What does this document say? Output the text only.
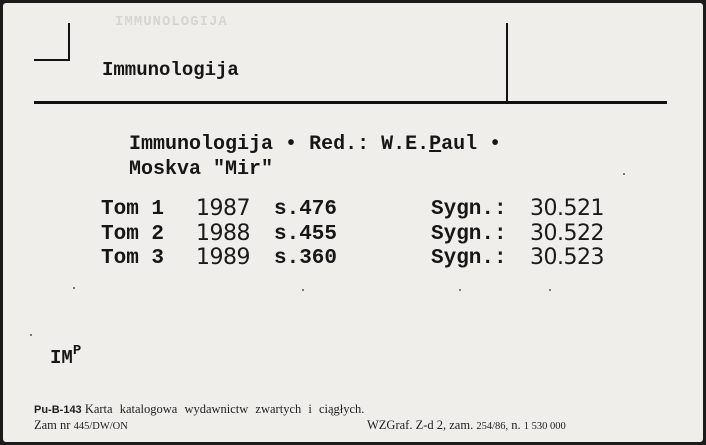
IMMUNOLOGIJA
Immunologija
Immunologija • Red.: W.E.Paul •
Moskva "Mir"
Tom 1 1987 s.476	Sygn.: 30.521
Tom 2 1988 s.455	Sygn.: 30.522
Tom 3 1989 s.360	Sygn.: 30.523
$IM^P$
Pu-B-143 Karta katalogowa wydawnictw zwartych i ciągłych.
Zam nr 445/DW/ON	WZGraf. Z-d 2, zam. 254/86, n. 1 530 000
